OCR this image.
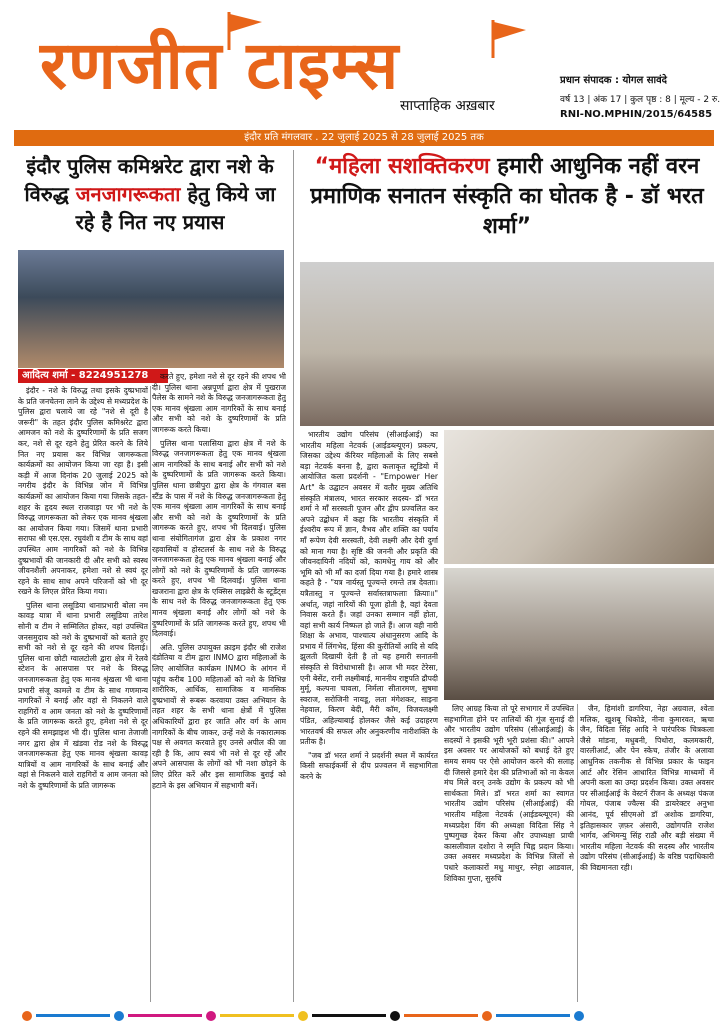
रणजीत टाइम्स
साप्ताहिक अख़बार
प्रधान संपादक : योगल सावंदे
वर्ष 13 | अंक 17 | कुल पृष्ठ : 8 | मूल्य - 2 रु.
RNI-NO.MPHIN/2015/64585
इंदौर प्रति मंगलवार . 22 जुलाई 2025 से 28 जुलाई 2025 तक
इंदौर पुलिस कमिश्नरेट द्वारा नशे के विरुद्ध जनजागरूकता हेतु किये जा रहे है नित नए प्रयास
“महिला सशक्तिकरण हमारी आधुनिक नहीं वरन प्रमाणिक सनातन संस्कृति का घोतक है - डॉ भरत शर्मा”
आदित्य शर्मा - 8224951278

इंदौर - नशे के विरुद्ध तथा इसके दुष्प्रभावों के प्रति जनचेतना लाने के उद्देश्य से मध्यप्रदेश के पुलिस द्वारा चलाये जा रहे "नशे से दूरी है जरूरी" के तहत इंदौर पुलिस कमिश्नरेट द्वारा आमजन को नशे के दुष्परिणामों के प्रति सजग कर, नशे से दूर रहने हेतु प्रेरित करने के लिये नित नए प्रयास कर विभिन्न जागरूकता कार्यक्रमों का आयोजन किया जा रहा है। इसी कड़ी में आज दिनांक 20 जुलाई 2025 को नगरीय इंदौर के विभिन्न जोन में विभिन्न कार्यक्रमों का आयोजन किया गया जिसके तहत- शहर के हृदय स्थल राजवाड़ा पर भी नशे के विरुद्ध जागरूकता को लेकर एक मानव श्रृंखला का आयोजन किया गया। जिसमें थाना प्रभारी सराफा श्री एस.एस. रघुवंशी व टीम के साथ वहां उपस्थित आम नागरिकों को नशे के विभिन्न दुष्प्रभावों की जानकारी दी और सभी को स्वस्थ जीवनशैली अपनाकर, हमेशा नशे से स्वयं दूर रहने के साथ साथ अपने परिजनों को भी दूर रखने के लिएल प्रेरित किया गया।

पुलिस थाना लसूडिया थानाप्रभारी बोला नम कावड़ यात्रा में थाना प्रभारी लसूडिया तारेश सोनी व टीम ने सम्मिलित होकर, वहां उपस्थित जनसमुदाय को नशे के दुष्प्रभावों को बताते हुए सभी को नशे से दूर रहने की शपथ दिलाई। पुलिस थाना छोटी ग्वालटोली द्वारा क्षेत्र में रेलवे स्टेशन के आसपास पर नशे के विरुद्ध जनजागरूकता हेतु एक मानव श्रृंखला भी थाना प्रभारी संजू कामले व टीम के साथ गणमान्य नागरिकों ने बनाई और वहां से निकलने वाले राहगिरों व आम जनता को नशे के दुष्परिणामों के प्रति जागरूक करते हुए, हमेशा नशे से दूर रहने की समझाइश भी दी। पुलिस थाना तेजाजी नगर द्वारा क्षेत्र में खंडवा रोड नशे के विरुद्ध जनजागरूकता हेतु एक मानव श्रृंखला कावड़ यात्रियों व आम नागरिकों के साथ बनाई और वहां से निकलने वाले राहगिरों व आम जनता को नशे के दुष्परिणामों के प्रति जागरूक

करते हुए, हमेशा नशे से दूर रहने की शपथ भी दी। पुलिस थाना अन्नपूर्णा द्वारा क्षेत्र में पुखराज पैलेस के सामने नशे के विरुद्ध जनजागरूकता हेतु एक मानव श्रृंखला आम नागरिकों के साथ बनाई और सभी को नशे के दुष्परिणामों के प्रति जागरूक करते किया।

पुलिस थाना पलासिया द्वारा क्षेत्र में नशे के विरुद्ध जनजागरूकता हेतु एक मानव श्रृंखला आम नागरिकों के साथ बनाई और सभी को नशे के दुष्परिणामों के प्रति जागरूक करते किया। पुलिस थाना छत्रीपुरा द्वारा क्षेत्र के गंगवाल बस स्टैंड के पास में नशे के विरुद्ध जनजागरूकता हेतु एक मानव श्रृंखला आम नागरिकों के साथ बनाई और सभी को नशे के दुष्परिणामों के प्रति जागरूक करते हुए, शपथ भी दिलवाई। पुलिस थाना संयोगितागंज द्वारा क्षेत्र के प्रकाश नगर रहवासियों व होस्टलर्स के साथ नशे के विरुद्ध जनजागरूकता हेतु एक मानव श्रृंखला बनाई और लोगों को नशे के दुष्परिणामों के प्रति जागरूक करते हुए, शपथ भी दिलवाई। पुलिस थाना खजराना द्वारा क्षेत्र के एक्सिस लाइब्रेरी के स्टूडेंट्स के साथ नशे के विरुद्ध जनजागरूकता हेतु एक मानव श्रृंखला बनाई और लोगों को नशे के दुष्परिणामों के प्रति जागरूक करते हुए, शपथ भी दिलवाई।

अति. पुलिस उपायुक्त क्राइम इंदौर श्री राजेश दंडोतिया व टीम द्वारा INMO द्वारा महिलाओं के लिए आयोजित कार्यक्रम INMO के आंगन में पहुंच करीब 100 महिलाओं को नशे के विभिन्न शारीरिक, आर्थिक, सामाजिक व मानसिक दुष्प्रभावों से रूबरू करवाया उक्त अभियान के तहत शहर के सभी थाना क्षेत्रों में पुलिस अधिकारियों द्वारा हर जाति और वर्ग के आम नागरिकों के बीच जाकर, उन्हें नशे के नकारात्मक पक्ष से अवगत करवाते हुए उनसे अपील की जा रही है कि, आप स्वयं भी नशे से दूर रहें और अपने आसपास के लोगों को भी नशा छोड़ने के लिए प्रेरित करें और इस सामाजिक बुराई को हटाने के इस अभियान में सहभागी बनें।

भारतीय उद्योग परिसंघ (सीआईआई) का भारतीय महिला नेटवर्क (आईडब्ल्यूएन) प्रकल्प, जिसका उद्देश्य कॅरियर महिलाओं के लिए सबसे बड़ा नेटवर्क बनना है, द्वारा कलाकृत स्टूडियो में आयोजित कला प्रदर्शनी - "Empower Her Art" के उद्घाटन अवसर में वतौर मुख्य अतिथि संस्कृति मंत्रालय, भारत सरकार सदस्य- डॉ भरत शर्मा ने माँ सरस्वती पूजन और द्वीप प्रज्वलित कर अपने उद्बोधन में कहा कि भारतीय संस्कृति में ईश्वरीय रूप में ज्ञान, वैभव और शक्ति का पर्याय माँ रूपेण देवी सरस्वती, देवी लक्ष्मी और देवी दुर्गा को माना गया है। सृष्टि की जननी और प्रकृति की जीवनदायिनी नदियों को, कामधेनु गाय को और भूमि को भी माँ का दर्जा दिया गया है। हमारे शास्त्र कहते है - "यत्र नार्यस्तु पूज्यन्ते रमन्ते तत्र देवताः। यत्रैतास्तु न पूज्यन्ते सर्वास्तत्राफलाः क्रियाः॥" अर्थात्, जहां नारियों की पूजा होती है, वहां देवता निवास करते हैं। जहां उनका सम्मान नहीं होता, वहां सभी कार्य निष्फल हो जाते हैं। आज वही नारी शिक्षा के अभाव, पाश्चात्य अंधानुसरण आदि के प्रभाव में लिंगभेद, हिंसा की कुरीतियों आदि से यदि झुलती दिखायी देती है तो यह हमारी सनातनी संस्कृति से विरोधाभासी है। आज भी मदर टेरेसा, एनी बेसेंट, रानी लक्ष्मीबाई, माननीय राष्ट्रपति द्रौपदी मुर्मू, कल्पना चावला, निर्मला सीतारमण, सुषमा स्वराज, सरोजिनी नायडू, लता मंगेशकर, साइना नेहवाल, किरण बेदी, मैरी कॉम, विजयलक्ष्मी पंडित, अहिल्याबाई होलकर जैसे कई उदाहरण भारतवर्ष की सफल और अनुकरणीय नारीशक्ति के प्रतीक है।

"जब डॉ भरत शर्मा ने प्रदर्शनी स्थल में कार्यरत किसी सफाईकर्मी से दीप प्रज्वलन में सहभागिता करने के

लिए आग्रह किया तो पूरे सभागार में उपस्थित सहभागिता होने पर तालियों की गूंज सुनाई दी और भारतीय उद्योग परिसंघ (सीआईआई) के सदस्यों ने इसकी भूरी भूरी प्रशंसा की।" आपने इस अवसर पर आयोजकों को बधाई देते हुए समय समय पर ऐसे आयोजन करने की सलाह दी जिससे हमारे देश की प्रतिभाओं को ना केवल मंच मिले वरन् उनके उद्योग के प्रकल्प को भी सार्थकता मिले। डॉ भरत शर्मा का स्वागत भारतीय उद्योग परिसंघ (सीआईआई) की भारतीय महिला नेटवर्क (आईडब्ल्यूएन) की मध्यप्रदेश विंग की अध्यक्षा विदिता सिंह ने पुष्पगुच्छ देकर किया और उपाध्यक्षा प्राची कासलीवाल दशोरा ने स्मृति चिह्न प्रदान किया। उक्त अवसर मध्यप्रदेश के विभिन्न जिलों से पधारे कलाकारों मधु माथुर, स्नेहा आडवाल, शिविका गुप्ता, सुरुचि

जैन, हिमांशी डागरिया, नेहा अग्रवाल, श्वेता मलिक, खुशबू धिकोडे, नीना कुमारवत, ऋचा जैन, विदिता सिंह आदि ने पारंपरिक चित्रकला जैसे मांडना, मधुबनी, पिथोरा, कलमकारी, वारलीआर्ट, और पेन स्केच, तंजौर के अलावा आधुनिक तकनीक से विभिन्न प्रकार के फाइन आर्ट और रेसिन आधारित विभिन्न माध्यमों में अपनी कला का उम्दा प्रदर्शन किया। उक्त अवसर पर सीआईआई के वेस्टर्न रीजन के अध्यक्ष पंकज गोयल, पंजाब ज्वैल्स की डायरेक्टर अनुभा आनंद, पूर्व सीएमओ डॉ अशोक डागरिया, इतिहासकार ज़फ़र अंसारी, उद्योगपति राजेश भार्गव, अभिमन्यु सिंह राठौ और बड़ी संख्या में भारतीय महिला नेटवर्क की सदस्य और भारतीय उद्योग परिसंघ (सीआईआई) के वरिष्ठ पदाधिकारी की विद्यमानता रही।
